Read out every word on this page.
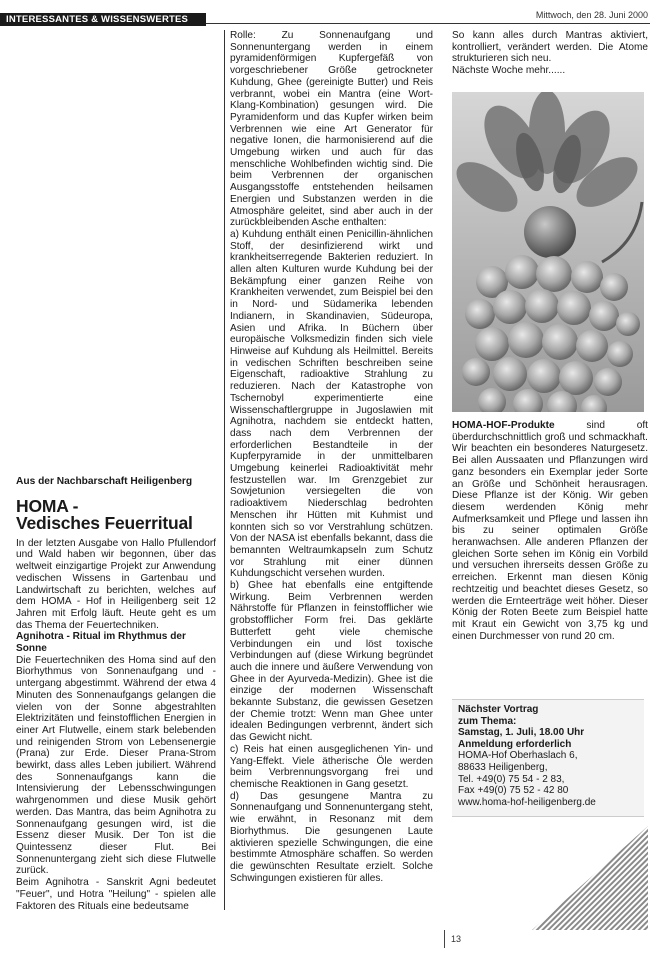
INTERESSANTES & WISSENSWERTES	Mittwoch, den 28. Juni 2000

Aus der Nachbarschaft Heiligenberg

HOMA -
Vedisches Feuerritual

In der letzten Ausgabe von Hallo Pfullendorf und Wald haben wir begonnen, über das weltweit einzigartige Projekt zur Anwendung vedischen Wissens in Gartenbau und Landwirtschaft zu berichten, welches auf dem HOMA - Hof in Heiligenberg seit 12 Jahren mit Erfolg läuft. Heute geht es um das Thema der Feuertechniken.

Agnihotra - Ritual im Rhythmus der Sonne

Die Feuertechniken des Homa sind auf den Biorhythmus von Sonnenaufgang und -untergang abgestimmt. Während der etwa 4 Minuten des Sonnenaufgangs gelangen die vielen von der Sonne abgestrahlten Elektrizitäten und feinstofflichen Energien in einer Art Flutwelle, einem stark belebenden und reinigenden Strom von Lebensenergie (Prana) zur Erde. Dieser Prana-Strom bewirkt, dass alles Leben jubiliert. Während des Sonnenaufgangs kann die Intensivierung der Lebensschwingungen wahrgenommen und diese Musik gehört werden. Das Mantra, das beim Agnihotra zu Sonnenaufgang gesungen wird, ist die Essenz dieser Musik. Der Ton ist die Quintessenz dieser Flut. Bei Sonnenuntergang zieht sich diese Flutwelle zurück.

Beim Agnihotra - Sanskrit Agni bedeutet "Feuer", und Hotra "Heilung" - spielen alle Faktoren des Rituals eine bedeutsame

Rolle: Zu Sonnenaufgang und Sonnenuntergang werden in einem pyramidenförmigen Kupfergefäß von vorgeschriebener Größe getrockneter Kuhdung, Ghee (gereinigte Butter) und Reis verbrannt, wobei ein Mantra (eine Wort-Klang-Kombination) gesungen wird. Die Pyramidenform und das Kupfer wirken beim Verbrennen wie eine Art Generator für negative Ionen, die harmonisierend auf die Umgebung wirken und auch für das menschliche Wohlbefinden wichtig sind. Die beim Verbrennen der organischen Ausgangsstoffe entstehenden heilsamen Energien und Substanzen werden in die Atmosphäre geleitet, sind aber auch in der zurückbleibenden Asche enthalten:

a) Kuhdung enthält einen Penicillin-ähnlichen Stoff, der desinfizierend wirkt und krankheitserregende Bakterien reduziert. In allen alten Kulturen wurde Kuhdung bei der Bekämpfung einer ganzen Reihe von Krankheiten verwendet, zum Beispiel bei den in Nord- und Südamerika lebenden Indianern, in Skandinavien, Südeuropa, Asien und Afrika. In Büchern über europäische Volksmedizin finden sich viele Hinweise auf Kuhdung als Heilmittel. Bereits in vedischen Schriften beschreiben seine Eigenschaft, radioaktive Strahlung zu reduzieren. Nach der Katastrophe von Tschernobyl experimentierte eine Wissenschaftlergruppe in Jugoslawien mit Agnihotra, nachdem sie entdeckt hatten, dass nach dem Verbrennen der erforderlichen Bestandteile in der Kupferpyramide in der unmittelbaren Umgebung keinerlei Radioaktivität mehr festzustellen war. Im Grenzgebiet zur Sowjetunion versiegelten die von radioaktivem Niederschlag bedrohten Menschen ihr Hütten mit Kuhmist und konnten sich so vor Verstrahlung schützen. Von der NASA ist ebenfalls bekannt, dass die bemannten Weltraumkapseln zum Schutz vor Strahlung mit einer dünnen Kuhdungschicht versehen wurden.

b) Ghee hat ebenfalls eine entgiftende Wirkung. Beim Verbrennen werden Nährstoffe für Pflanzen in feinstofflicher wie grobstofflicher Form frei. Das geklärte Butterfett geht viele chemische Verbindungen ein und löst toxische Verbindungen auf (diese Wirkung begründet auch die innere und äußere Verwendung von Ghee in der Ayurveda-Medizin). Ghee ist die einzige der modernen Wissenschaft bekannte Substanz, die gewissen Gesetzen der Chemie trotzt: Wenn man Ghee unter idealen Bedingungen verbrennt, ändert sich das Gewicht nicht.

c) Reis hat einen ausgeglichenen Yin- und Yang-Effekt. Viele ätherische Öle werden beim Verbrennungsvorgang frei und chemische Reaktionen in Gang gesetzt.

d) Das gesungene Mantra zu Sonnenaufgang und Sonnenuntergang steht, wie erwähnt, in Resonanz mit dem Biorhythmus. Die gesungenen Laute aktivieren spezielle Schwingungen, die eine bestimmte Atmosphäre schaffen. So werden die gewünschten Resultate erzielt. Solche Schwingungen existieren für alles.

So kann alles durch Mantras aktiviert, kontrolliert, verändert werden. Die Atome strukturieren sich neu.

Nächste Woche mehr......

HOMA-HOF-Produkte sind oft überdurchschnittlich groß und schmackhaft. Wir beachten ein besonderes Naturgesetz. Bei allen Aussaaten und Pflanzungen wird ganz besonders ein Exemplar jeder Sorte an Größe und Schönheit herausragen. Diese Pflanze ist der König. Wir geben diesem werdenden König mehr Aufmerksamkeit und Pflege und lassen ihn bis zu seiner optimalen Größe heranwachsen. Alle anderen Pflanzen der gleichen Sorte sehen im König ein Vorbild und versuchen ihrerseits dessen Größe zu erreichen. Erkennt man diesen König rechtzeitig und beachtet dieses Gesetz, so werden die Ernteerträge weit höher. Dieser König der Roten Beete zum Beispiel hatte mit Kraut ein Gewicht von 3,75 kg und einen Durchmesser von rund 20 cm.
Nächster Vortrag
zum Thema:
Samstag, 1. Juli, 18.00 Uhr
Anmeldung erforderlich
HOMA-Hof Oberhaslach 6,
88633 Heiligenberg,
Tel. +49(0) 75 54 - 2 83,
Fax +49(0) 75 52 - 42 80
www.homa-hof-heiligenberg.de
13
